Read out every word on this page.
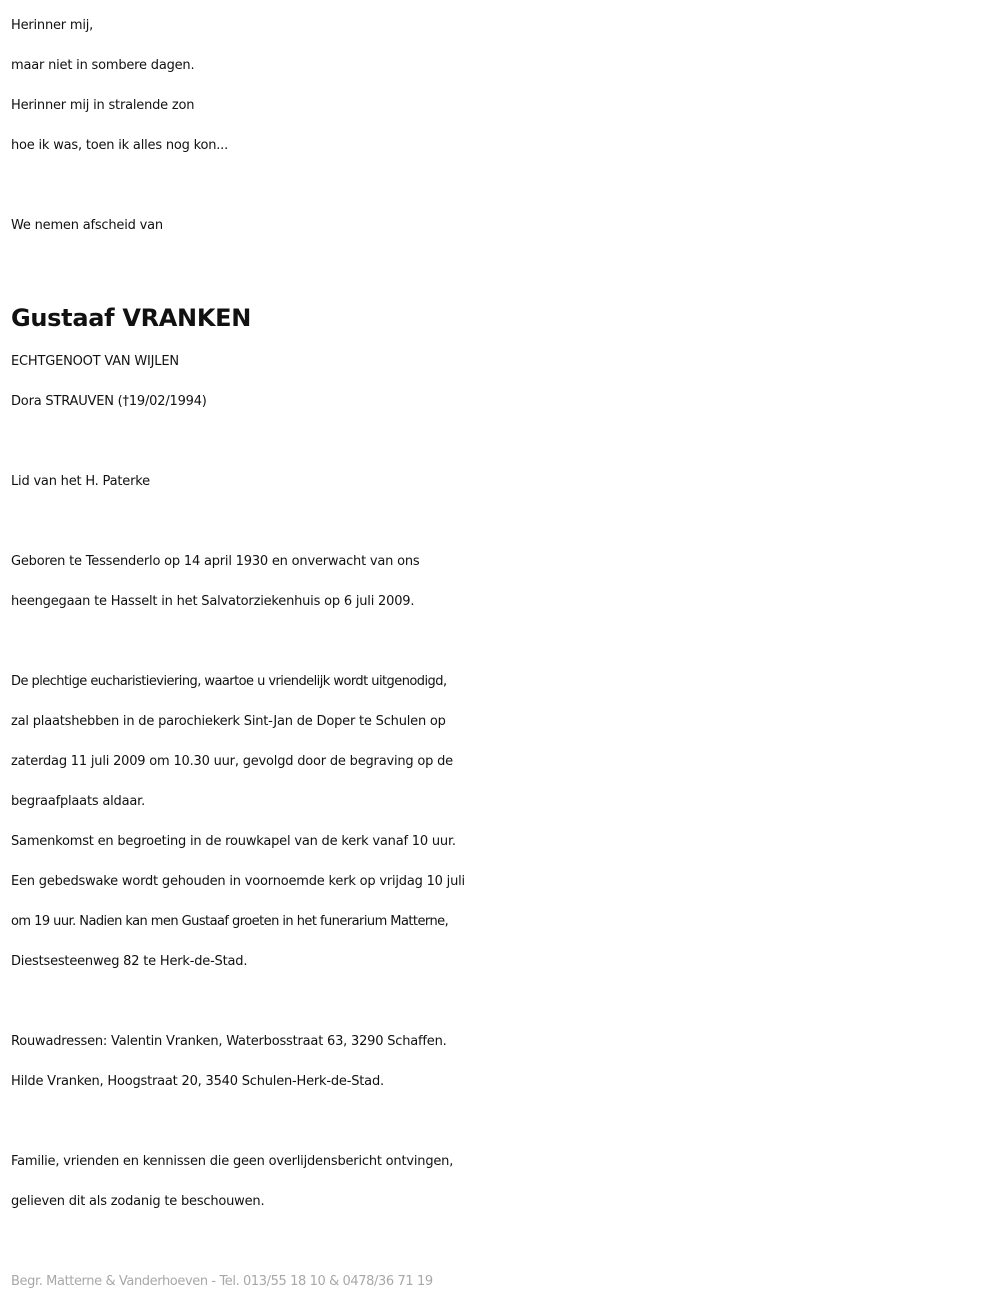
Herinner mij,
maar niet in sombere dagen.
Herinner mij in stralende zon
hoe ik was, toen ik alles nog kon...
We nemen afscheid van
Gustaaf VRANKEN
ECHTGENOOT VAN WIJLEN
Dora STRAUVEN (†19/02/1994)
Lid van het H. Paterke
Geboren te Tessenderlo op 14 april 1930 en onverwacht van ons
heengegaan te Hasselt in het Salvatorziekenhuis op 6 juli 2009.
De plechtige eucharistieviering, waartoe u vriendelijk wordt uitgenodigd,
zal plaatshebben in de parochiekerk Sint-Jan de Doper te Schulen op
zaterdag 11 juli 2009 om 10.30 uur, gevolgd door de begraving op de
begraafplaats aldaar.
Samenkomst en begroeting in de rouwkapel van de kerk vanaf 10 uur.
Een gebedswake wordt gehouden in voornoemde kerk op vrijdag 10 juli
om 19 uur. Nadien kan men Gustaaf groeten in het funerarium Matterne,
Diestsesteenweg 82 te Herk-de-Stad.
Rouwadressen: Valentin Vranken, Waterbosstraat 63, 3290 Schaffen.
Hilde Vranken, Hoogstraat 20, 3540 Schulen-Herk-de-Stad.
Familie, vrienden en kennissen die geen overlijdensbericht ontvingen,
gelieven dit als zodanig te beschouwen.
Begr. Matterne & Vanderhoeven - Tel. 013/55 18 10 & 0478/36 71 19
